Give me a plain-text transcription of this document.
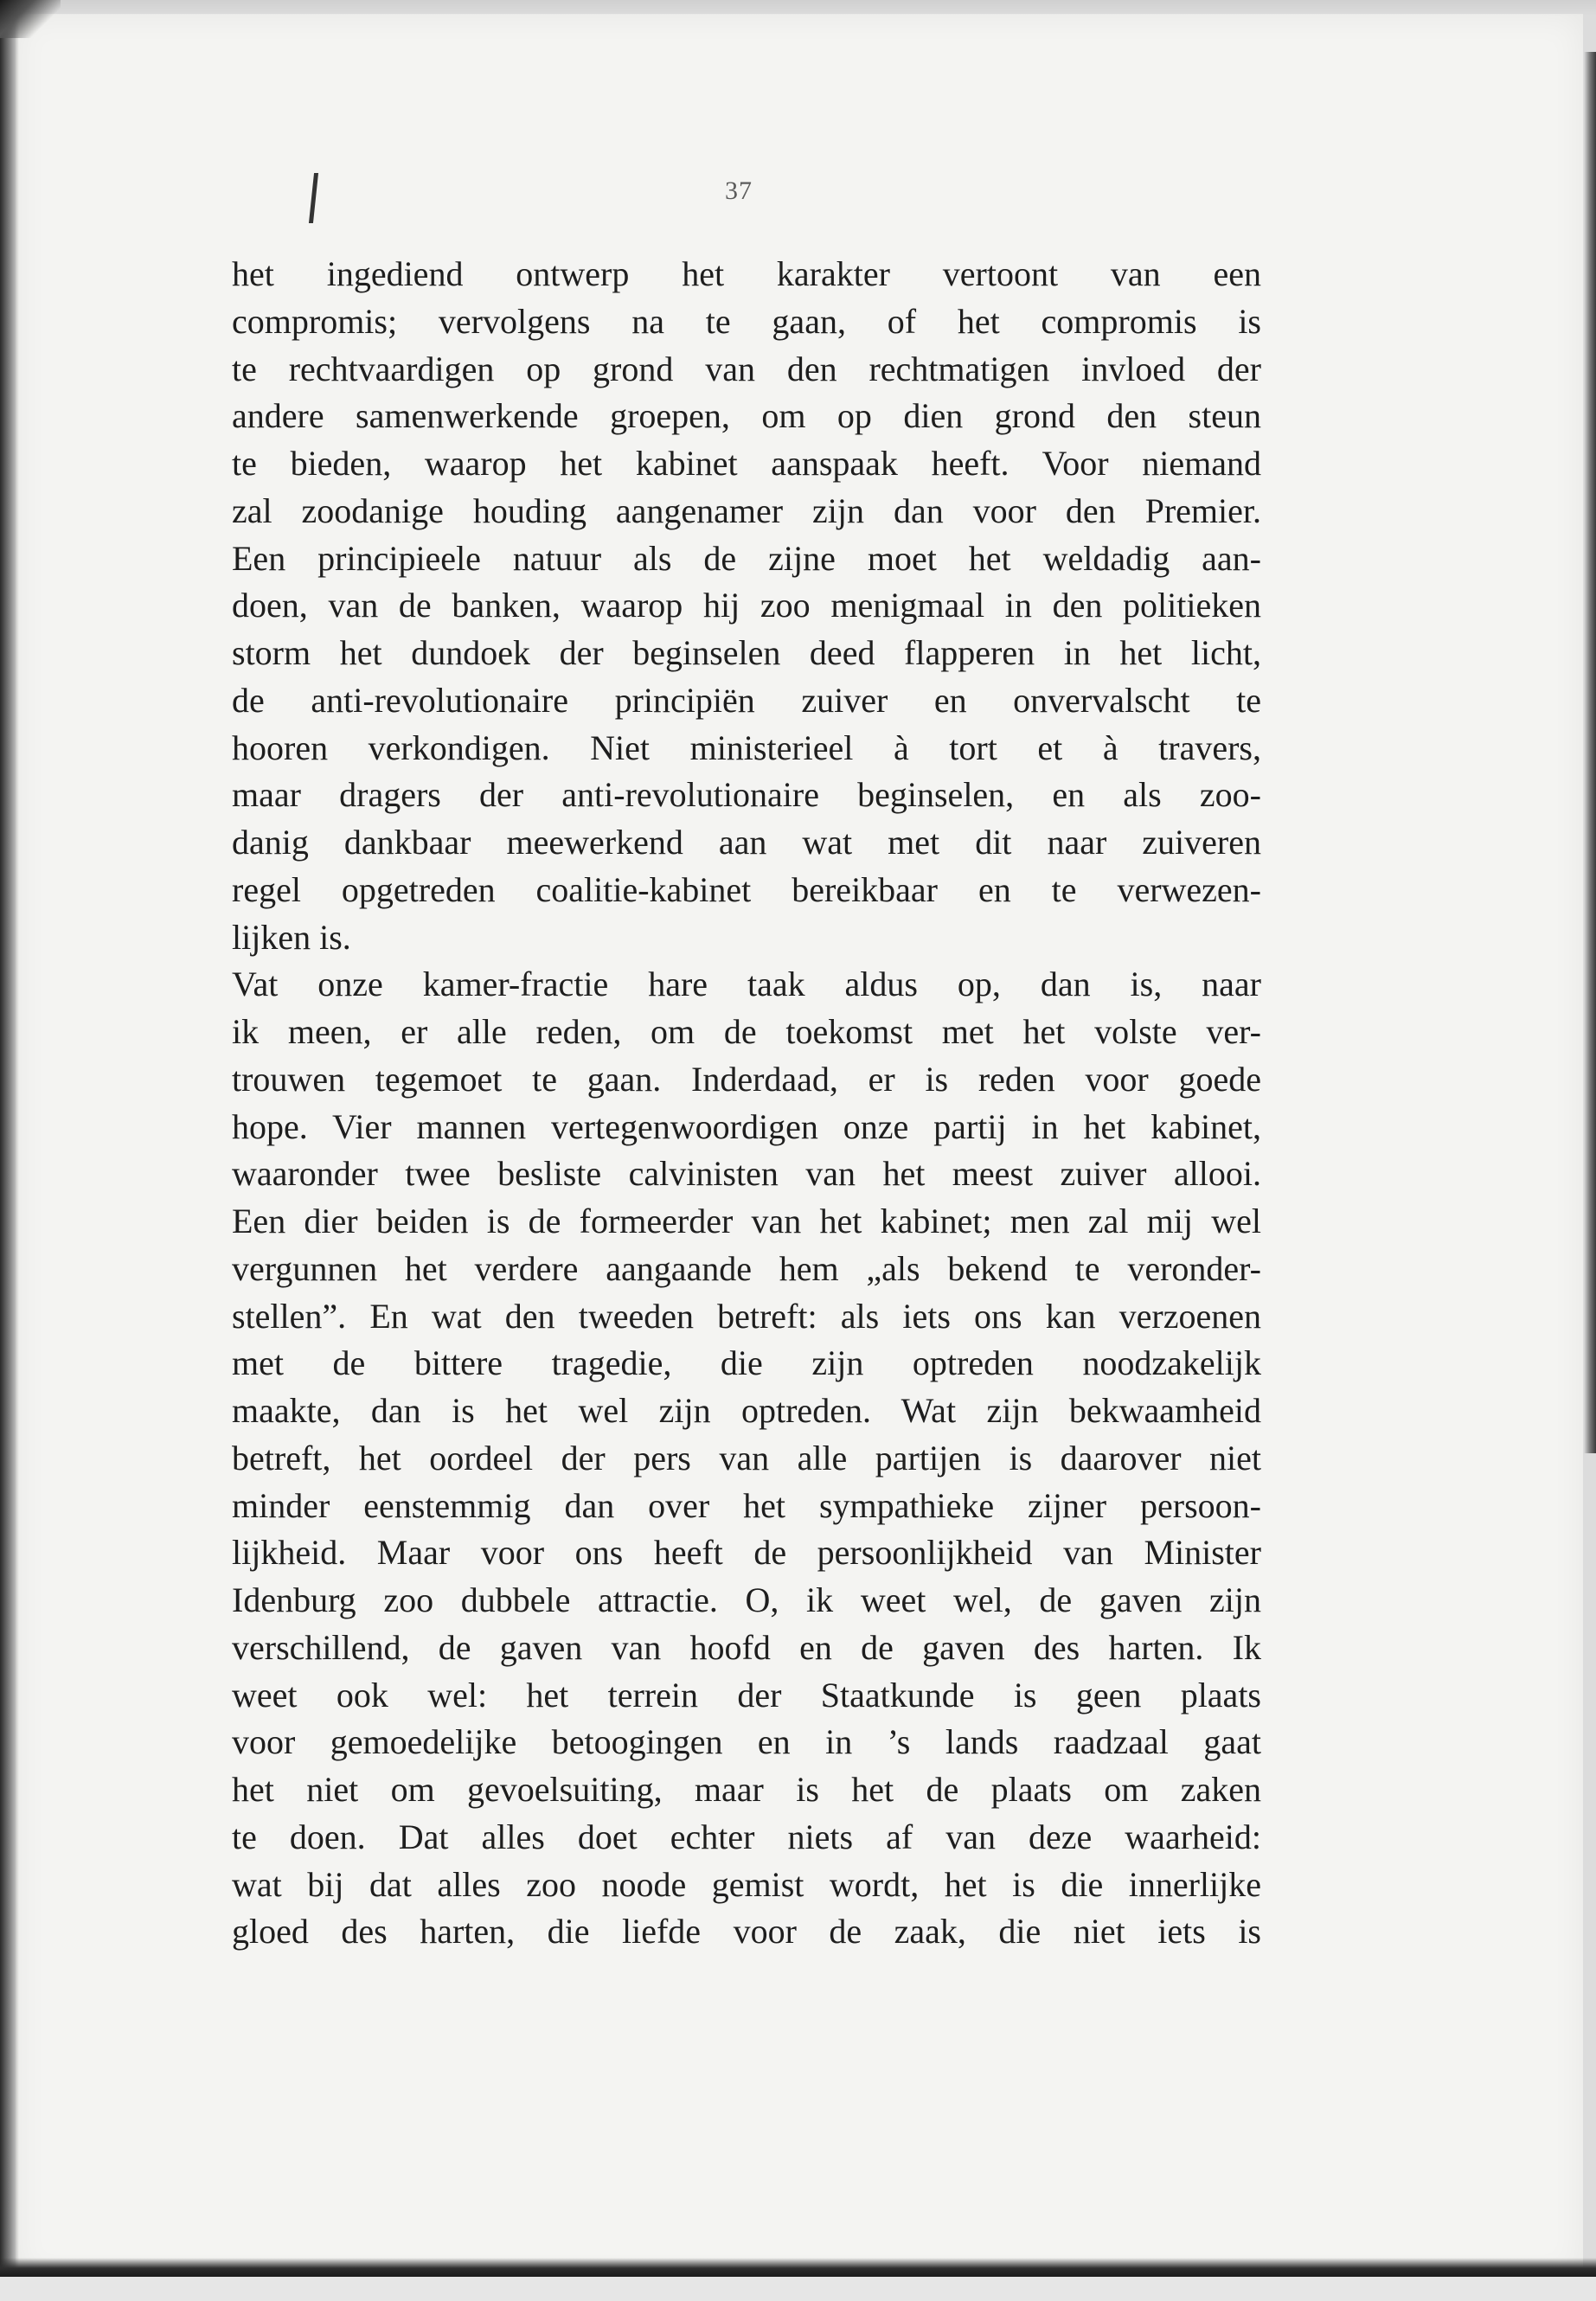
37
het ingediend ontwerp het karakter vertoont van een
compromis; vervolgens na te gaan, of het compromis is
te rechtvaardigen op grond van den rechtmatigen invloed der
andere samenwerkende groepen, om op dien grond den steun
te bieden, waarop het kabinet aanspaak heeft. Voor niemand
zal zoodanige houding aangenamer zijn dan voor den Premier.
Een principieele natuur als de zijne moet het weldadig aan-
doen, van de banken, waarop hij zoo menigmaal in den politieken
storm het dundoek der beginselen deed flapperen in het licht,
de anti-revolutionaire principiën zuiver en onvervalscht te
hooren verkondigen. Niet ministerieel à tort et à travers,
maar dragers der anti-revolutionaire beginselen, en als zoo-
danig dankbaar meewerkend aan wat met dit naar zuiveren
regel opgetreden coalitie-kabinet bereikbaar en te verwezen-
lijken is.
Vat onze kamer-fractie hare taak aldus op, dan is, naar
ik meen, er alle reden, om de toekomst met het volste ver-
trouwen tegemoet te gaan. Inderdaad, er is reden voor goede
hope. Vier mannen vertegenwoordigen onze partij in het kabinet,
waaronder twee besliste calvinisten van het meest zuiver allooi.
Een dier beiden is de formeerder van het kabinet; men zal mij wel
vergunnen het verdere aangaande hem „als bekend te veronder-
stellen”. En wat den tweeden betreft: als iets ons kan verzoenen
met de bittere tragedie, die zijn optreden noodzakelijk
maakte, dan is het wel zijn optreden. Wat zijn bekwaamheid
betreft, het oordeel der pers van alle partijen is daarover niet
minder eenstemmig dan over het sympathieke zijner persoon-
lijkheid. Maar voor ons heeft de persoonlijkheid van Minister
Idenburg zoo dubbele attractie. O, ik weet wel, de gaven zijn
verschillend, de gaven van hoofd en de gaven des harten. Ik
weet ook wel: het terrein der Staatkunde is geen plaats
voor gemoedelijke betoogingen en in ’s lands raadzaal gaat
het niet om gevoelsuiting, maar is het de plaats om zaken
te doen. Dat alles doet echter niets af van deze waarheid:
wat bij dat alles zoo noode gemist wordt, het is die innerlijke
gloed des harten, die liefde voor de zaak, die niet iets is
